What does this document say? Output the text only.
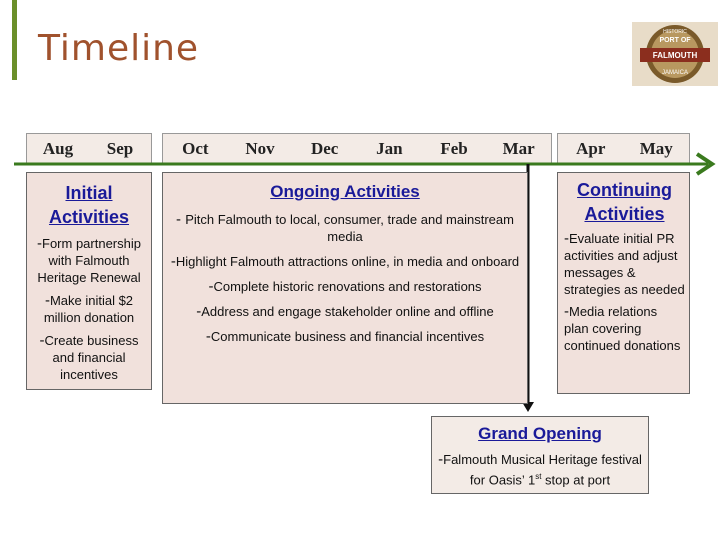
Timeline	HISTORIC
PORT OF
FALMOUTH
JAMAICA
Aug	Sep	Oct	Nov	Dec	Jan	Feb	Mar	Apr	May
Initial Activities
-Form partnership with Falmouth Heritage Renewal
-Make initial $2 million donation
-Create business and financial incentives
Ongoing Activities
- Pitch Falmouth to local, consumer, trade and mainstream media
-Highlight Falmouth attractions online, in media and onboard
-Complete historic renovations and restorations
-Address and engage stakeholder online and offline
-Communicate business and financial incentives
Continuing Activities
-Evaluate initial PR activities and adjust messages & strategies as needed
-Media relations plan covering continued donations
Grand Opening
-Falmouth Musical Heritage festival for Oasis’ 1st stop at port
